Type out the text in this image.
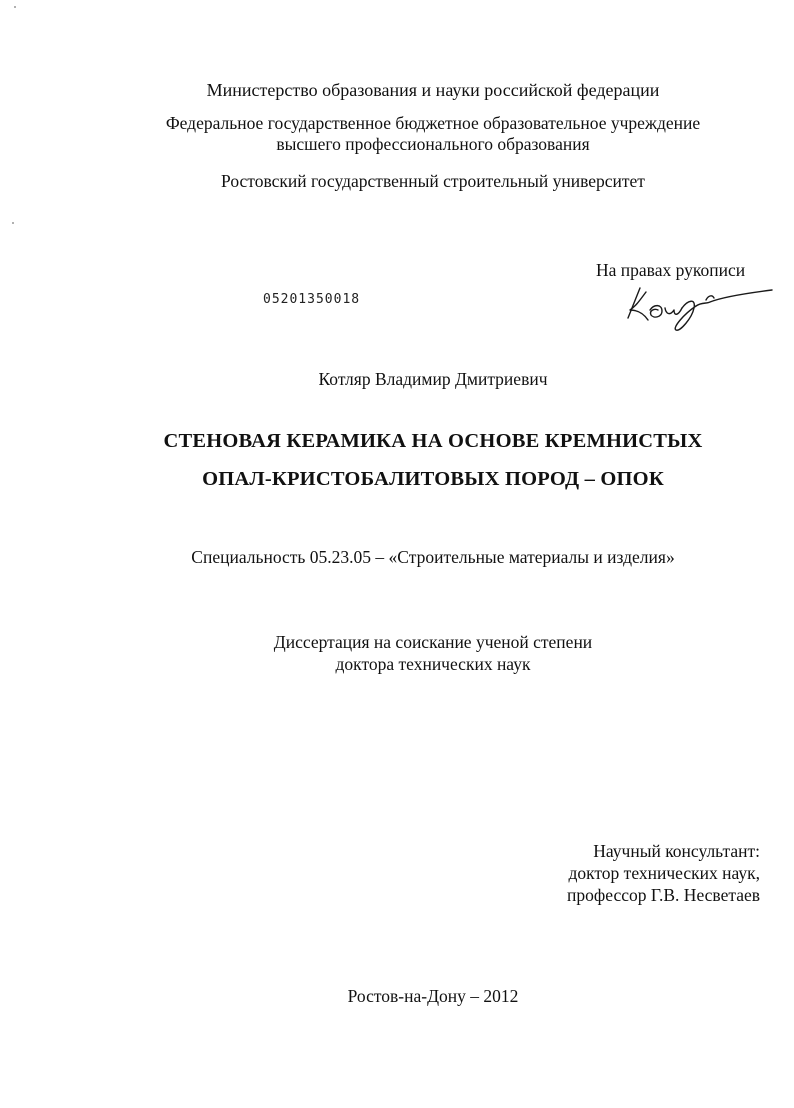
Министерство образования и науки российской федерации
Федеральное государственное бюджетное образовательное учреждение
высшего профессионального образования
Ростовский государственный строительный университет
На правах рукописи
05201350018
Котляр Владимир Дмитриевич
СТЕНОВАЯ КЕРАМИКА НА ОСНОВЕ КРЕМНИСТЫХ
ОПАЛ-КРИСТОБАЛИТОВЫХ ПОРОД – ОПОК
Специальность 05.23.05 – «Строительные материалы и изделия»
Диссертация на соискание ученой степени
доктора технических наук
Научный консультант:
доктор технических наук,
профессор Г.В. Несветаев
Ростов-на-Дону – 2012
